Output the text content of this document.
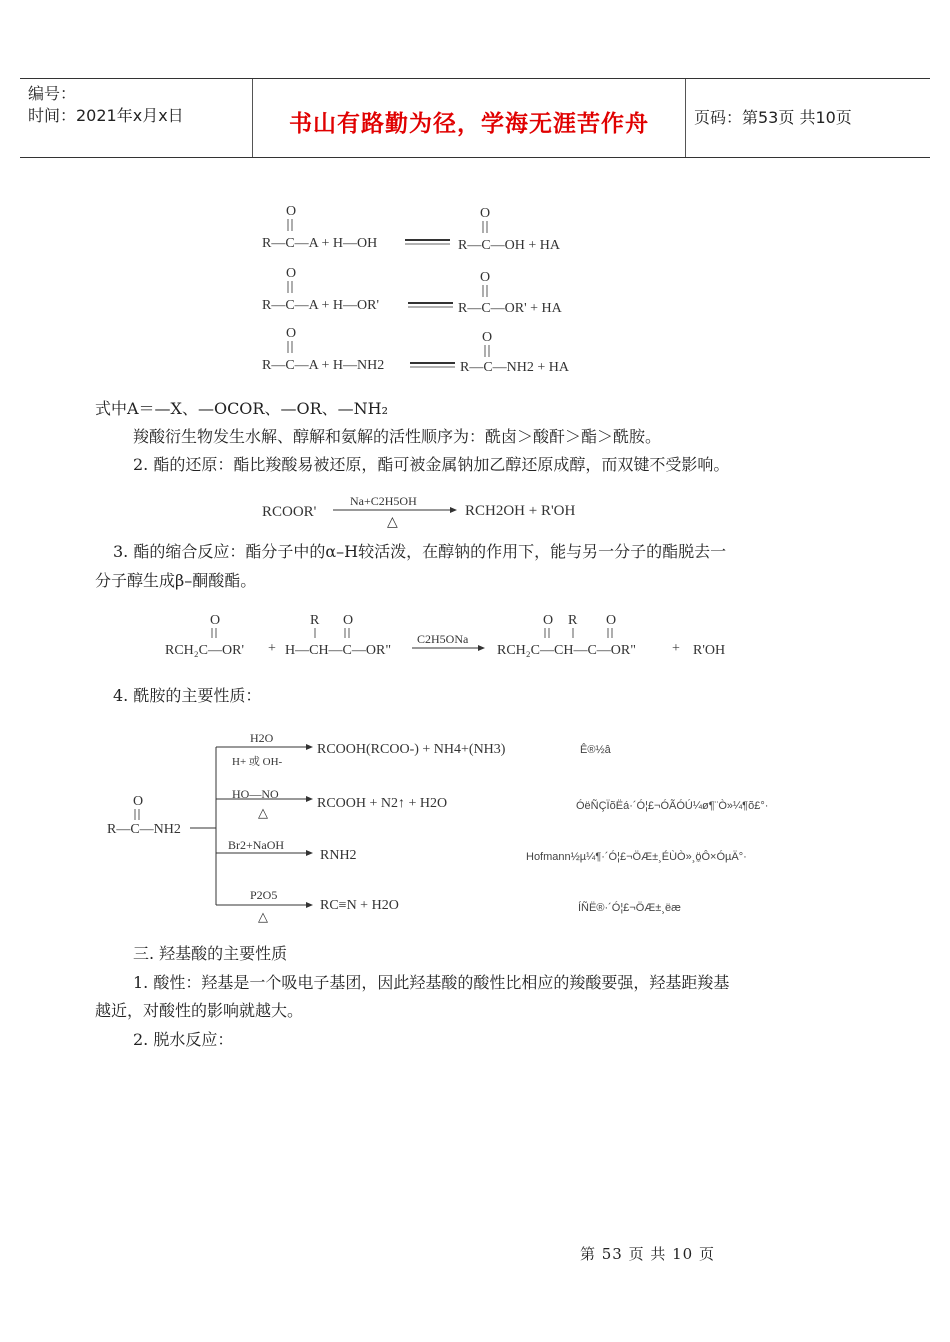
编号：
时间：2021年x月x日	书山有路勤为径，学海无涯苦作舟	页码：第53页 共10页
O
R—C—A + H—OH
O
R—C—OH + HA
O
R—C—A + H—OR'
O
R—C—OR' + HA
O
R—C—A + H—NH2
O
R—C—NH2 + HA
式中A＝—X、—OCOR、—OR、—NH₂
羧酸衍生物发生水解、醇解和氨解的活性顺序为：酰卤＞酸酐＞酯＞酰胺。
2. 酯的还原：酯比羧酸易被还原，酯可被金属钠加乙醇还原成醇，而双键不受影响。
RCOOR'
Na+C2H5OH
△
RCH2OH + R'OH
3. 酯的缩合反应：酯分子中的α–H较活泼，在醇钠的作用下，能与另一分子的酯脱去一
分子醇生成β–酮酸酯。
O
RCH₂C—OR' +
R O
H—CH—C—OR"
C2H5ONa
O R O
RCH₂C—CH—C—OR"	+ R'OH
4. 酰胺的主要性质：
O
R—C—NH2
H2O
H+ 或 OH-
RCOOH(RCOO-) + NH4+(NH3)	Ê®½â
HO—NO
△
RCOOH + N2↑ + H2O	ÓëÑÇÏõËá·´Ó¦£¬ÓÃÓÚ¼ø¶¨Ò»¼¶õ£°·
Br2+NaOH
RNH2	Hofmann½µ¼¶·´Ó¦£¬ÖÆ±¸ÉÙÒ»¸ö̼Ô×ÓµÄ°·
P2O5
△
RC≡N + H2O	ÍÑË®·´Ó¦£¬ÖÆ±¸ëæ
三. 羟基酸的主要性质
1. 酸性：羟基是一个吸电子基团，因此羟基酸的酸性比相应的羧酸要强，羟基距羧基
越近，对酸性的影响就越大。
2. 脱水反应：
第 53 页 共 10 页
